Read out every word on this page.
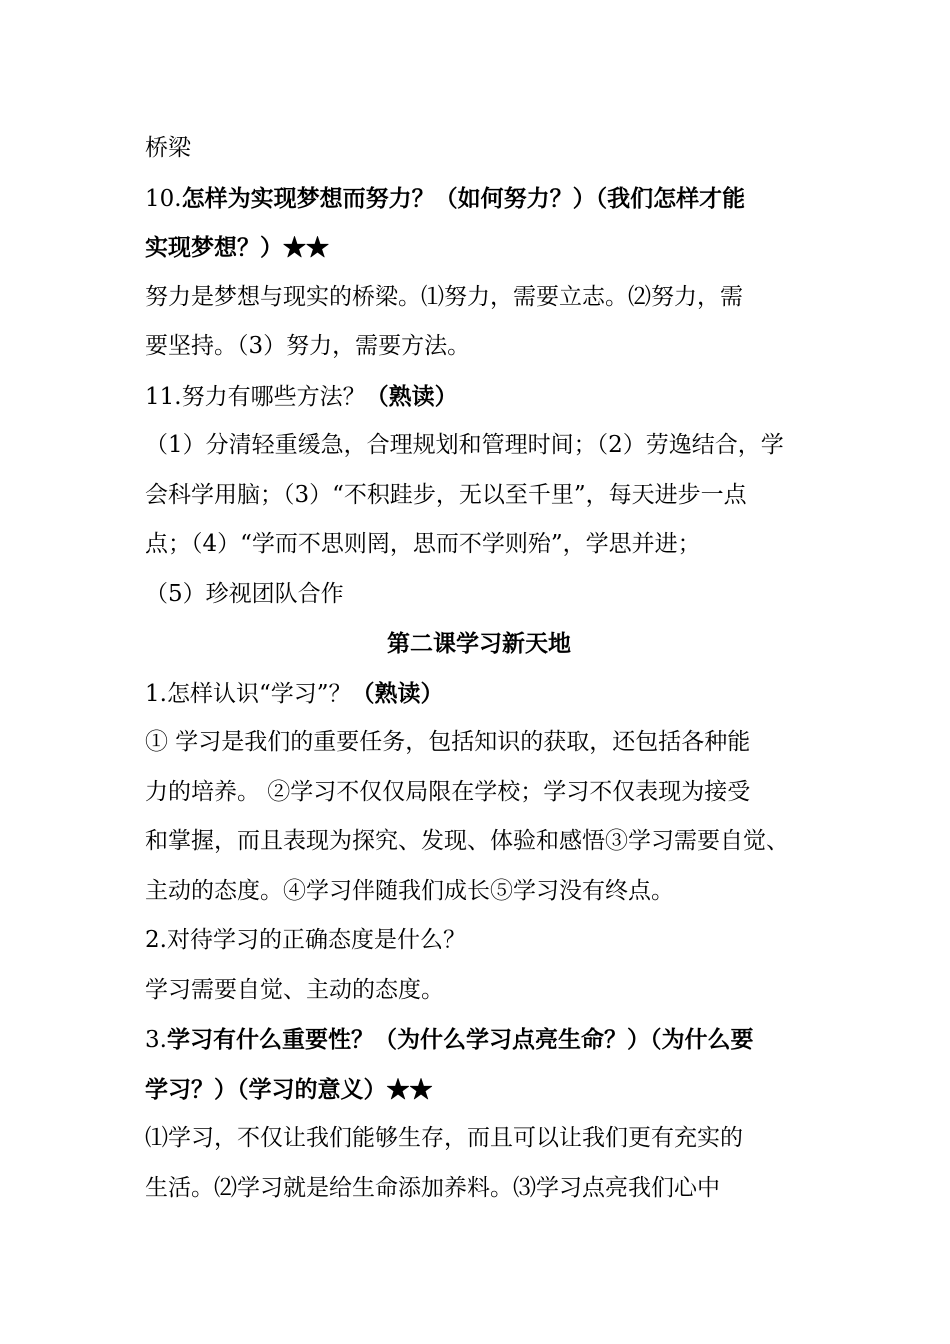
桥梁
10.怎样为实现梦想而努力？（如何努力？）（我们怎样才能
实现梦想？）★★
努力是梦想与现实的桥梁。⑴努力，需要立志。⑵努力，需
要坚持。（3）努力，需要方法。
11.努力有哪些方法？（熟读）
（1）分清轻重缓急，合理规划和管理时间；（2）劳逸结合，学
会科学用脑；（3）“不积跬步，无以至千里”，每天进步一点
点；（4）“学而不思则罔，思而不学则殆”，学思并进；
（5）珍视团队合作
第二课学习新天地
1.怎样认识“学习”？（熟读）
① 学习是我们的重要任务，包括知识的获取，还包括各种能
力的培养。 ②学习不仅仅局限在学校；学习不仅表现为接受
和掌握，而且表现为探究、发现、体验和感悟③学习需要自觉、
主动的态度。④学习伴随我们成长⑤学习没有终点。
2.对待学习的正确态度是什么？
学习需要自觉、主动的态度。
3.学习有什么重要性？（为什么学习点亮生命？）（为什么要
学习？）（学习的意义）★★
⑴学习，不仅让我们能够生存，而且可以让我们更有充实的
生活。⑵学习就是给生命添加养料。⑶学习点亮我们心中
